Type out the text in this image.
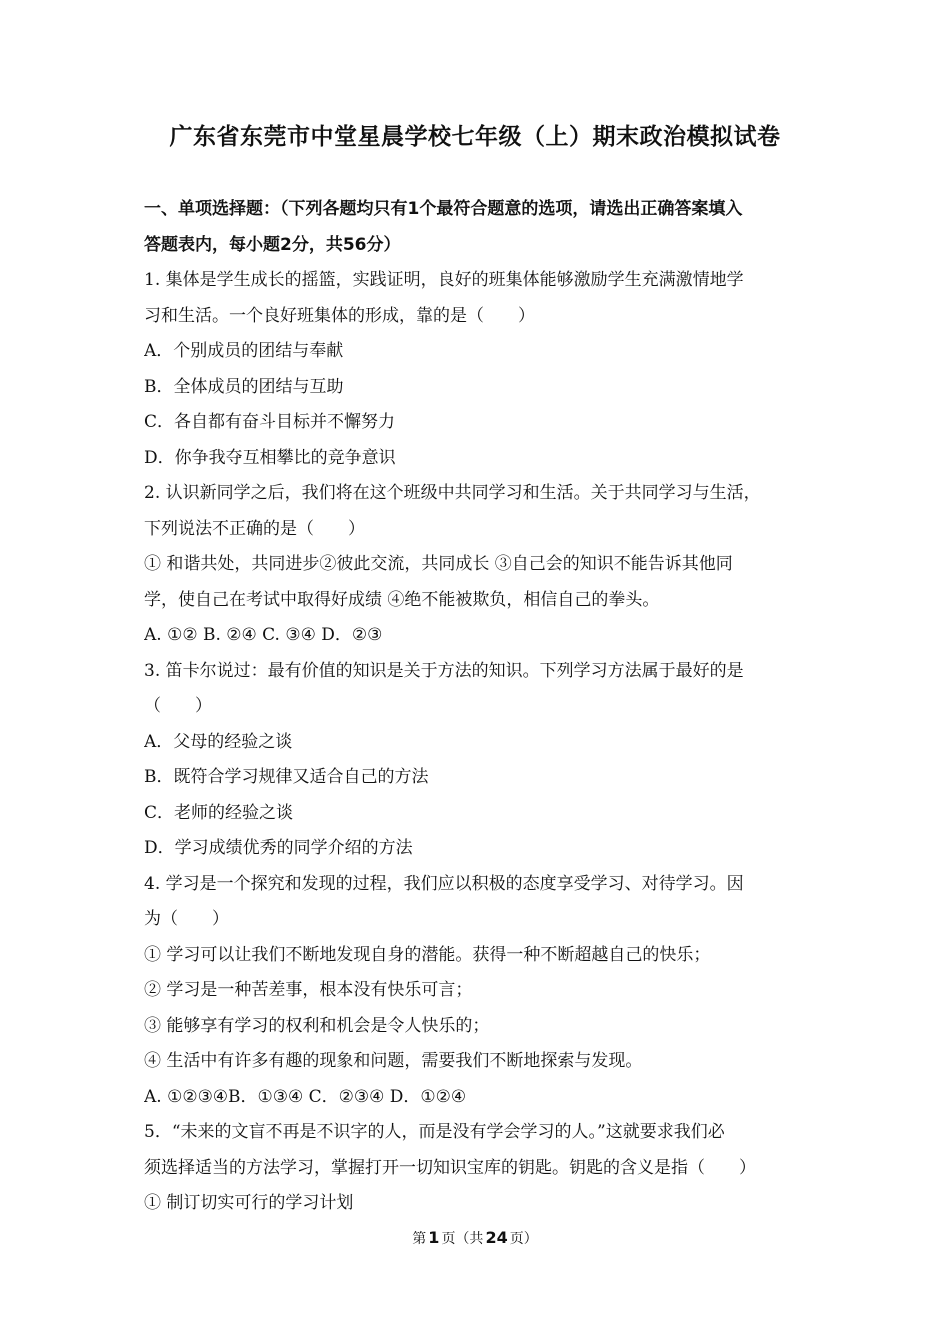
广东省东莞市中堂星晨学校七年级（上）期末政治模拟试卷
一、单项选择题：（下列各题均只有1个最符合题意的选项，请选出正确答案填入
答题表内，每小题2分，共56分）
1. 集体是学生成长的摇篮，实践证明，良好的班集体能够激励学生充满激情地学
习和生活。一个良好班集体的形成，靠的是（　　）
A．个别成员的团结与奉献
B．全体成员的团结与互助
C．各自都有奋斗目标并不懈努力
D．你争我夺互相攀比的竞争意识
2. 认识新同学之后，我们将在这个班级中共同学习和生活。关于共同学习与生活，
下列说法不正确的是（　　）
① 和谐共处，共同进步②彼此交流，共同成长 ③自己会的知识不能告诉其他同
学，使自己在考试中取得好成绩 ④绝不能被欺负，相信自己的拳头。
A. ①② B. ②④ C. ③④ D．②③
3. 笛卡尔说过：最有价值的知识是关于方法的知识。下列学习方法属于最好的是
（　　）
A．父母的经验之谈
B．既符合学习规律又适合自己的方法
C．老师的经验之谈
D．学习成绩优秀的同学介绍的方法
4. 学习是一个探究和发现的过程，我们应以积极的态度享受学习、对待学习。因
为（　　）
① 学习可以让我们不断地发现自身的潜能。获得一种不断超越自己的快乐；
② 学习是一种苦差事，根本没有快乐可言；
③ 能够享有学习的权利和机会是令人快乐的；
④ 生活中有许多有趣的现象和问题，需要我们不断地探索与发现。
A. ①②③④B．①③④ C．②③④ D．①②④
5．“未来的文盲不再是不识字的人，而是没有学会学习的人。”这就要求我们必
须选择适当的方法学习，掌握打开一切知识宝库的钥匙。钥匙的含义是指（　　）
① 制订切实可行的学习计划
第 1 页（共 24 页）
